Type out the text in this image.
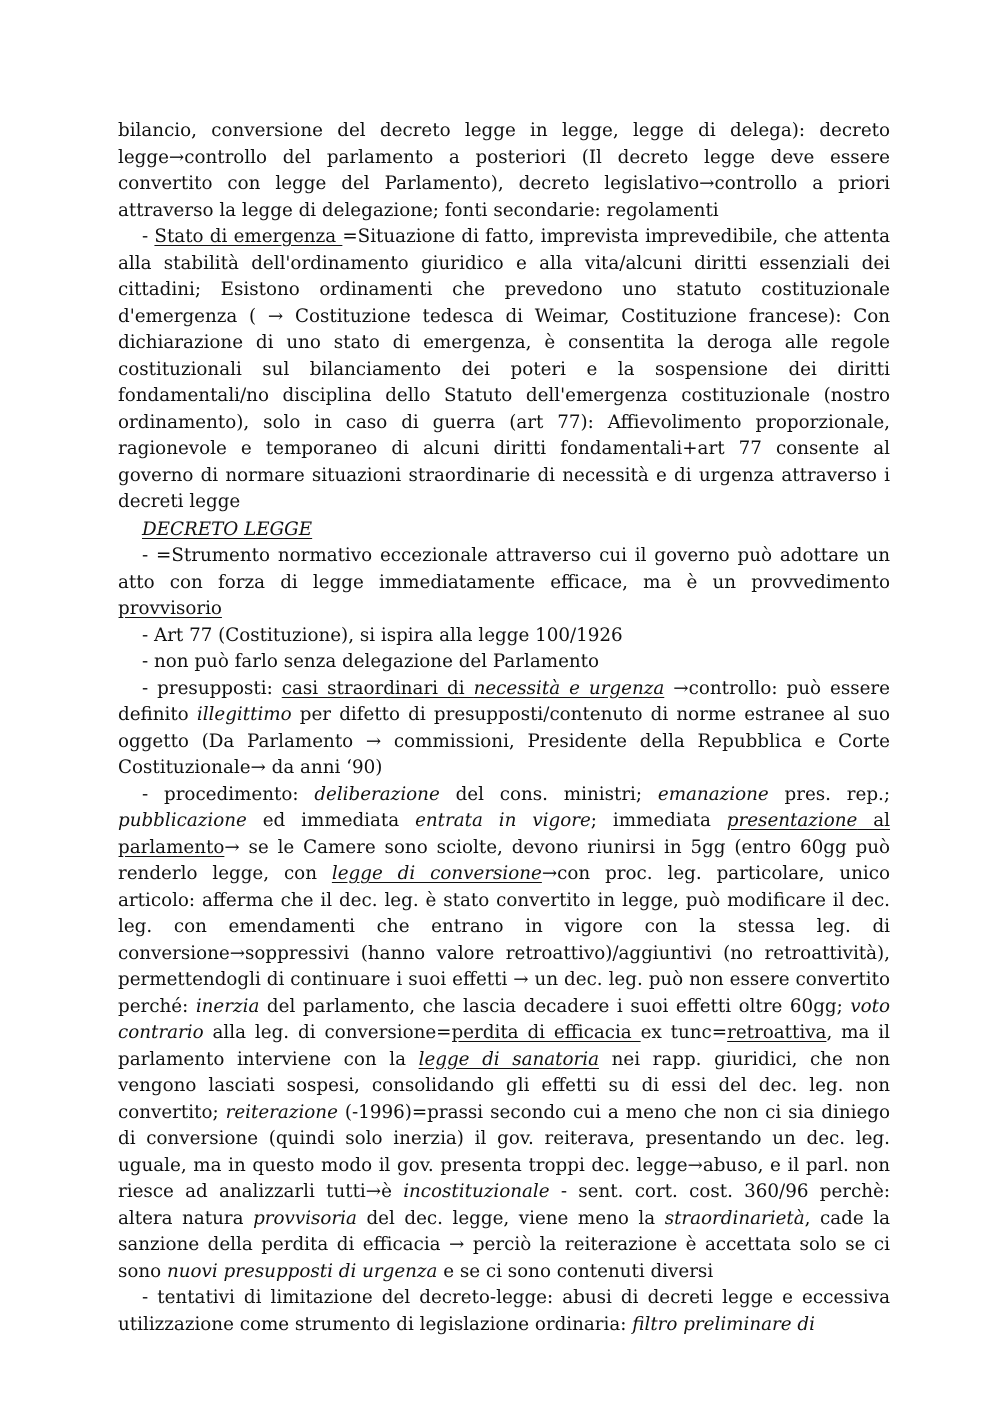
bilancio, conversione del decreto legge in legge, legge di delega): decreto legge→controllo del parlamento a posteriori (Il decreto legge deve essere convertito con legge del Parlamento), decreto legislativo→controllo a priori attraverso la legge di delegazione; fonti secondarie: regolamenti

- Stato di emergenza =Situazione di fatto, imprevista imprevedibile, che attenta alla stabilità dell'ordinamento giuridico e alla vita/alcuni diritti essenziali dei cittadini; Esistono ordinamenti che prevedono uno statuto costituzionale d'emergenza ( → Costituzione tedesca di Weimar, Costituzione francese): Con dichiarazione di uno stato di emergenza, è consentita la deroga alle regole costituzionali sul bilanciamento dei poteri e la sospensione dei diritti fondamentali/no disciplina dello Statuto dell'emergenza costituzionale (nostro ordinamento), solo in caso di guerra (art 77): Affievolimento proporzionale, ragionevole e temporaneo di alcuni diritti fondamentali+art 77 consente al governo di normare situazioni straordinarie di necessità e di urgenza attraverso i decreti legge

DECRETO LEGGE

- =Strumento normativo eccezionale attraverso cui il governo può adottare un atto con forza di legge immediatamente efficace, ma è un provvedimento provvisorio

- Art 77 (Costituzione), si ispira alla legge 100/1926

- non può farlo senza delegazione del Parlamento

- presupposti: casi straordinari di necessità e urgenza →controllo: può essere definito illegittimo per difetto di presupposti/contenuto di norme estranee al suo oggetto (Da Parlamento → commissioni, Presidente della Repubblica e Corte Costituzionale→ da anni ‘90)

- procedimento: deliberazione del cons. ministri; emanazione pres. rep.; pubblicazione ed immediata entrata in vigore; immediata presentazione al parlamento→ se le Camere sono sciolte, devono riunirsi in 5gg (entro 60gg può renderlo legge, con legge di conversione→con proc. leg. particolare, unico articolo: afferma che il dec. leg. è stato convertito in legge, può modificare il dec. leg. con emendamenti che entrano in vigore con la stessa leg. di conversione→soppressivi (hanno valore retroattivo)/aggiuntivi (no retroattività), permettendogli di continuare i suoi effetti → un dec. leg. può non essere convertito perché: inerzia del parlamento, che lascia decadere i suoi effetti oltre 60gg; voto contrario alla leg. di conversione=perdita di efficacia ex tunc=retroattiva, ma il parlamento interviene con la legge di sanatoria nei rapp. giuridici, che non vengono lasciati sospesi, consolidando gli effetti su di essi del dec. leg. non convertito; reiterazione (-1996)=prassi secondo cui a meno che non ci sia diniego di conversione (quindi solo inerzia) il gov. reiterava, presentando un dec. leg. uguale, ma in questo modo il gov. presenta troppi dec. legge→abuso, e il parl. non riesce ad analizzarli tutti→è incostituzionale - sent. cort. cost. 360/96 perchè: altera natura provvisoria del dec. legge, viene meno la straordinarietà, cade la sanzione della perdita di efficacia → perciò la reiterazione è accettata solo se ci sono nuovi presupposti di urgenza e se ci sono contenuti diversi

- tentativi di limitazione del decreto-legge: abusi di decreti legge e eccessiva utilizzazione come strumento di legislazione ordinaria: filtro preliminare di
